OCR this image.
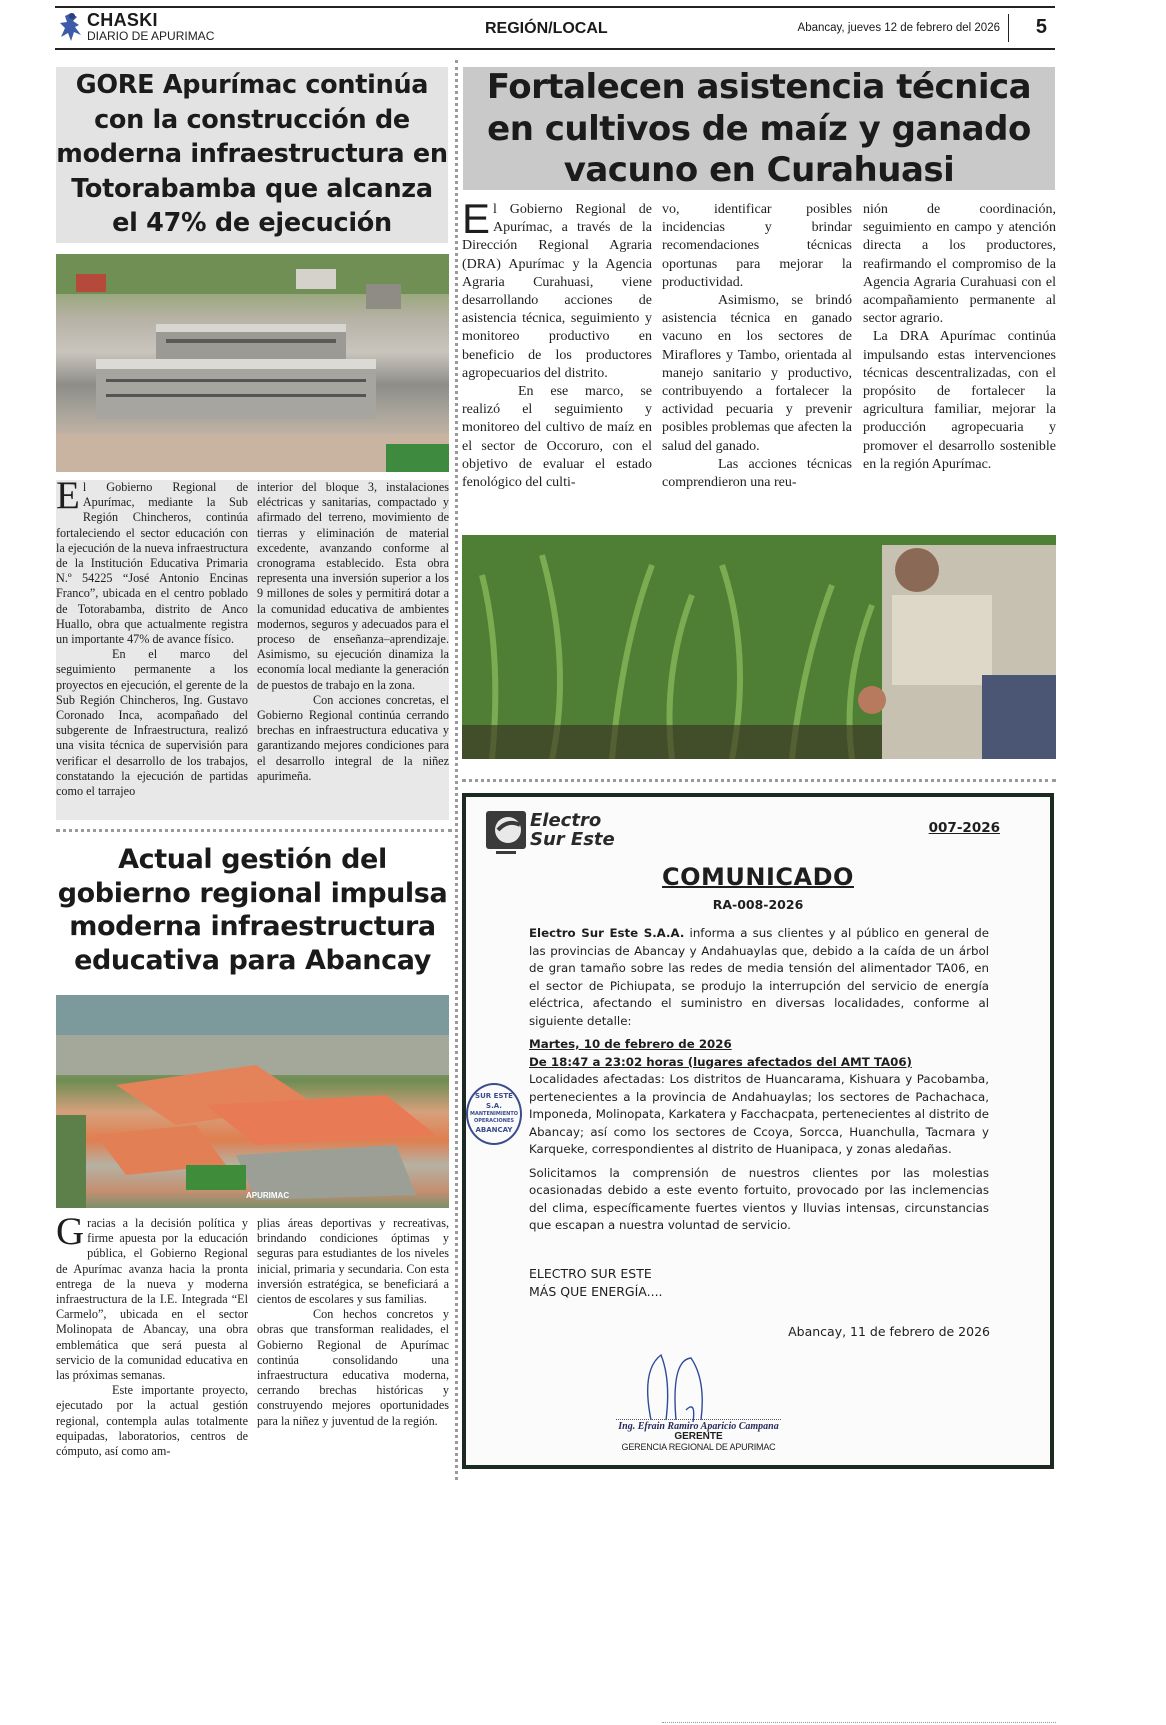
CHASKI
DIARIO DE APURIMAC	REGIÓN/LOCAL	Abancay, jueves 12 de febrero del 2026	5
GORE Apurímac continúa con la construcción de moderna infraestructura en Totorabamba que alcanza el 47% de ejecución

El Gobierno Regional de Apurímac, mediante la Sub Región Chincheros, continúa fortaleciendo el sector educación con la ejecución de la nueva infraestructura de la Institución Educativa Primaria N.º 54225 “José Antonio Encinas Franco”, ubicada en el centro poblado de Totorabamba, distrito de Anco Huallo, obra que actualmente registra un importante 47% de avance físico.

En el marco del seguimiento permanente a los proyectos en ejecución, el gerente de la Sub Región Chincheros, Ing. Gustavo Coronado Inca, acompañado del subgerente de Infraestructura, realizó una visita técnica de supervisión para verificar el desarrollo de los trabajos, constatando la ejecución de partidas como el tarrajeo

interior del bloque 3, instalaciones eléctricas y sanitarias, compactado y afirmado del terreno, movimiento de tierras y eliminación de material excedente, avanzando conforme al cronograma establecido. Esta obra representa una inversión superior a los 9 millones de soles y permitirá dotar a la comunidad educativa de ambientes modernos, seguros y adecuados para el proceso de enseñanza–aprendizaje. Asimismo, su ejecución dinamiza la economía local mediante la generación de puestos de trabajo en la zona.

Con acciones concretas, el Gobierno Regional continúa cerrando brechas en infraestructura educativa y garantizando mejores condiciones para el desarrollo integral de la niñez apurimeña.

Actual gestión del gobierno regional impulsa moderna infraestructura educativa para Abancay
APURIMAC

Gracias a la decisión política y firme apuesta por la educación pública, el Gobierno Regional de Apurímac avanza hacia la pronta entrega de la nueva y moderna infraestructura de la I.E. Integrada “El Carmelo”, ubicada en el sector Molinopata de Abancay, una obra emblemática que será puesta al servicio de la comunidad educativa en las próximas semanas.

Este importante proyecto, ejecutado por la actual gestión regional, contempla aulas totalmente equipadas, laboratorios, centros de cómputo, así como am-

plias áreas deportivas y recreativas, brindando condiciones óptimas y seguras para estudiantes de los niveles inicial, primaria y secundaria. Con esta inversión estratégica, se beneficiará a cientos de escolares y sus familias.

Con hechos concretos y obras que transforman realidades, el Gobierno Regional de Apurímac continúa consolidando una infraestructura educativa moderna, cerrando brechas históricas y construyendo mejores oportunidades para la niñez y juventud de la región.

Fortalecen asistencia técnica en cultivos de maíz y ganado vacuno en Curahuasi

El Gobierno Regional de Apurímac, a través de la Dirección Regional Agraria (DRA) Apurímac y la Agencia Agraria Curahuasi, viene desarrollando acciones de asistencia técnica, seguimiento y monitoreo productivo en beneficio de los productores agropecuarios del distrito.

En ese marco, se realizó el seguimiento y monitoreo del cultivo de maíz en el sector de Occoruro, con el objetivo de evaluar el estado fenológico del culti-

vo, identificar posibles incidencias y brindar recomendaciones técnicas oportunas para mejorar la productividad.

Asimismo, se brindó asistencia técnica en ganado vacuno en los sectores de Miraflores y Tambo, orientada al manejo sanitario y productivo, contribuyendo a fortalecer la actividad pecuaria y prevenir posibles problemas que afecten la salud del ganado.

Las acciones técnicas comprendieron una reu-

nión de coordinación, seguimiento en campo y atención directa a los productores, reafirmando el compromiso de la Agencia Agraria Curahuasi con el acompañamiento permanente al sector agrario.

La DRA Apurímac continúa impulsando estas intervenciones técnicas descentralizadas, con el propósito de fortalecer la agricultura familiar, mejorar la producción agropecuaria y promover el desarrollo sostenible en la región Apurímac.

Electro
Sur Este
007-2026
COMUNICADO
RA-008-2026

Electro Sur Este S.A.A. informa a sus clientes y al público en general de las provincias de Abancay y Andahuaylas que, debido a la caída de un árbol de gran tamaño sobre las redes de media tensión del alimentador TA06, en el sector de Pichiupata, se produjo la interrupción del servicio de energía eléctrica, afectando el suministro en diversas localidades, conforme al siguiente detalle:

Martes, 10 de febrero de 2026
De 18:47 a 23:02 horas (lugares afectados del AMT TA06)

Localidades afectadas: Los distritos de Huancarama, Kishuara y Pacobamba, pertenecientes a la provincia de Andahuaylas; los sectores de Pachachaca, Imponeda, Molinopata, Karkatera y Facchacpata, pertenecientes al distrito de Abancay; así como los sectores de Ccoya, Sorcca, Huanchulla, Tacmara y Karqueke, correspondientes al distrito de Huanipaca, y zonas aledañas.

Solicitamos la comprensión de nuestros clientes por las molestias ocasionadas debido a este evento fortuito, provocado por las inclemencias del clima, específicamente fuertes vientos y lluvias intensas, circunstancias que escapan a nuestra voluntad de servicio.

SUR ESTE S.A.
MANTENIMIENTO OPERACIONES
ABANCAY
ELECTRO SUR ESTE
MÁS QUE ENERGÍA....
Abancay, 11 de febrero de 2026
Ing. Efrain Ramiro Aparicio Campana
GERENTE
GERENCIA REGIONAL DE APURIMAC
